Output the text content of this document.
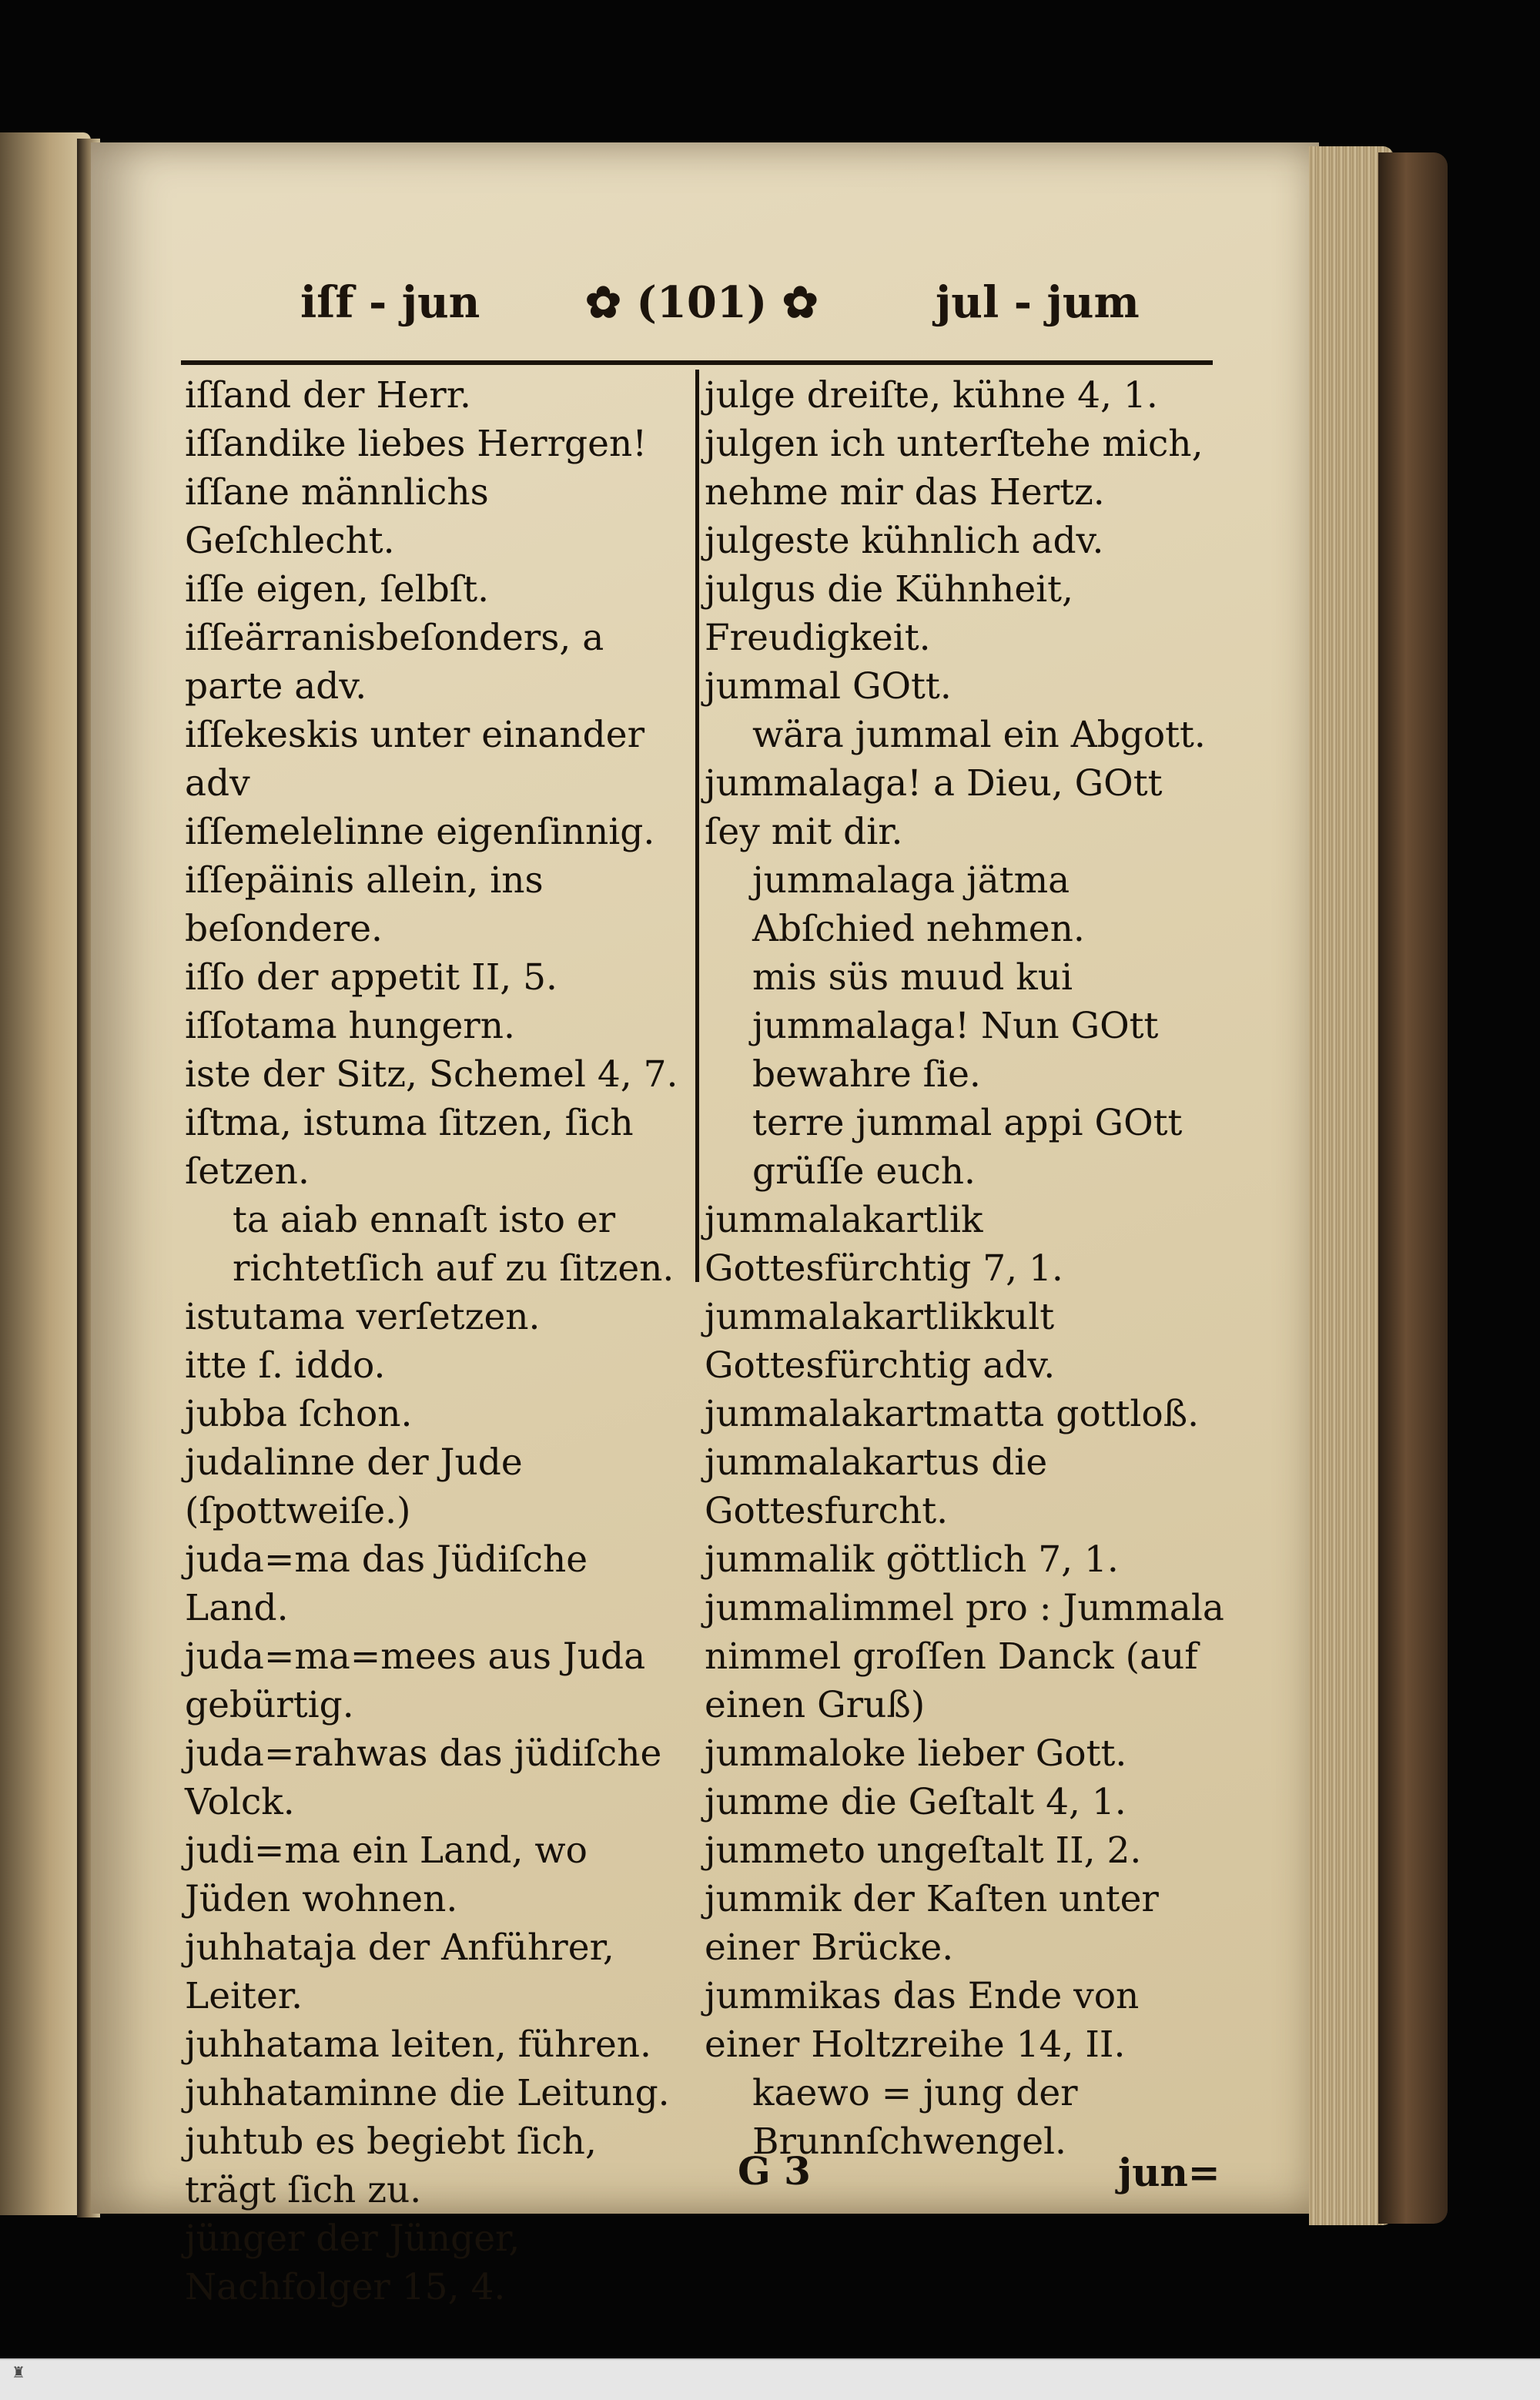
iſf - jun ✿ (101) ✿	jul - jum

iſſand der Herr.

iſſandike liebes Herrgen!

iſſane männlichs Geſchlecht.

iſſe eigen, ſelbſt.

iſſeärranisbeſonders, a parte adv.

iſſekeskis unter einander adv

iſſemelelinne eigenſinnig.

iſſepäinis allein, ins beſondere.

iſſo der appetit II, 5.

iſſotama hungern.

iste der Sitz, Schemel 4, 7.

iſtma, istuma ſitzen, ſich ſetzen.

ta aiab ennaſt isto er richtetſich auf zu ſitzen.

istutama verſetzen.

itte ſ. iddo.

jubba ſchon.

judalinne der Jude (ſpottweiſe.)

juda=ma das Jüdiſche Land.

juda=ma=mees aus Juda gebürtig.

juda=rahwas das jüdiſche Volck.

judi=ma ein Land, wo Jüden wohnen.

juhhataja der Anführer, Leiter.

juhhatama leiten, führen.

juhhataminne die Leitung.

juhtub es begiebt ſich, trägt ſich zu.

jünger der Jünger, Nachfolger 15, 4.

julge dreiſte, kühne 4, 1.

julgen ich unterſtehe mich, nehme mir das Hertz.

julgeste kühnlich adv.

julgus die Kühnheit, Freudigkeit.

jummal GOtt.

wära jummal ein Abgott.

jummalaga! a Dieu, GOtt ſey mit dir.

jummalaga jätma Abſchied nehmen.

mis süs muud kui jummalaga! Nun GOtt bewahre ſie.

terre jummal appi GOtt grüſſe euch.

jummalakartlik Gottesfürchtig 7, 1.

jummalakartlikkult Gottesfürchtig adv.

jummalakartmatta gottloß.

jummalakartus die Gottesfurcht.

jummalik göttlich 7, 1.

jummalimmel pro : Jummala nimmel groſſen Danck (auf einen Gruß)

jummaloke lieber Gott.

jumme die Geſtalt 4, 1.

jummeto ungeſtalt II, 2.

jummik der Kaſten unter einer Brücke.

jummikas das Ende von einer Holtzreihe 14, II.

kaewo = jung der Brunnſchwengel.

G 3	jun=
♜
